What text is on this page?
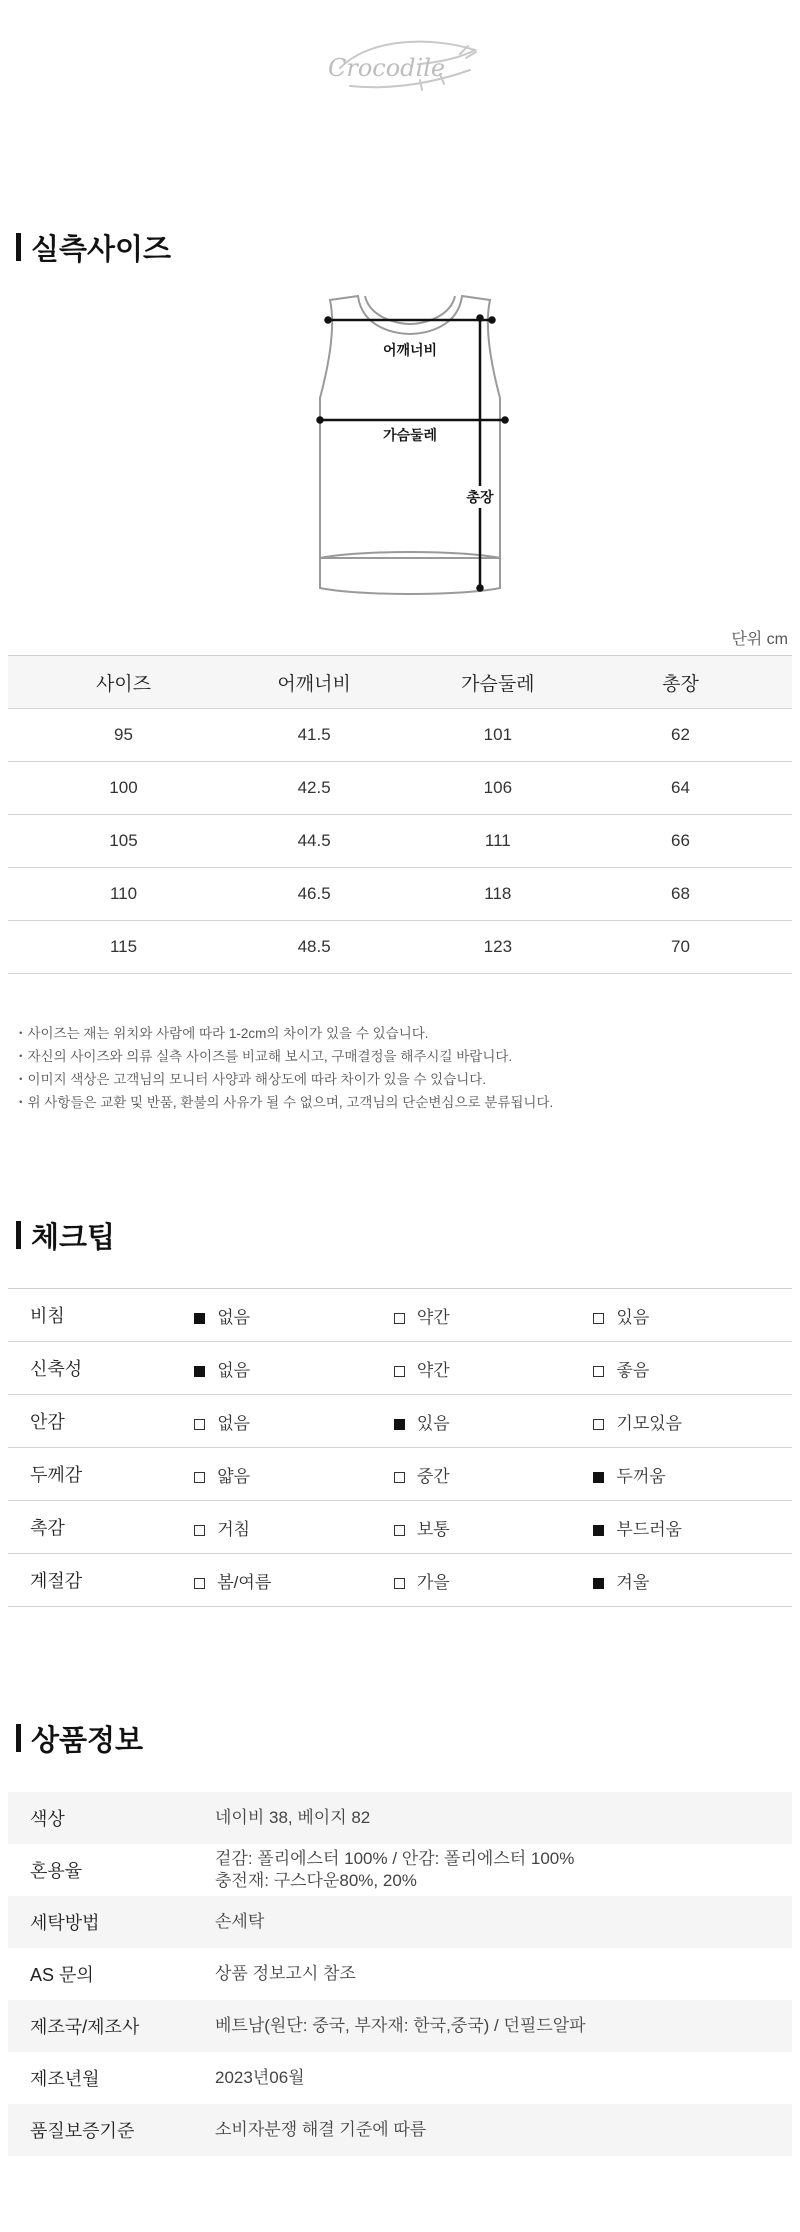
Crocodile
실측사이즈
어깨너비
가슴둘레
총장
단위 cm
사이즈	어깨너비	가슴둘레	총장	
95	41.5	101	62	
100	42.5	106	64	
105	44.5	111	66	
110	46.5	118	68	
115	48.5	123	70	
・사이즈는 재는 위치와 사람에 따라 1-2cm의 차이가 있을 수 있습니다.
・자신의 사이즈와 의류 실측 사이즈를 비교해 보시고, 구매결정을 해주시길 바랍니다.
・이미지 색상은 고객님의 모니터 사양과 해상도에 따라 차이가 있을 수 있습니다.
・위 사항들은 교환 및 반품, 환불의 사유가 될 수 없으며, 고객님의 단순변심으로 분류됩니다.
체크팁
비침	없음	약간	있음
신축성	없음	약간	좋음
안감	없음	있음	기모있음
두께감	얇음	중간	두꺼움
촉감	거침	보통	부드러움
계절감	봄/여름	가을	겨울
상품정보
색상	네이비 38, 베이지 82

혼용율	겉감: 폴리에스터 100% / 안감: 폴리에스터 100%
충전재: 구스다운80%, 20%

세탁방법	손세탁

AS 문의	상품 정보고시 참조

제조국/제조사	베트남(원단: 중국, 부자재: 한국,중국) / 던필드알파

제조년월	2023년06월

품질보증기준	소비자분쟁 해결 기준에 따름
